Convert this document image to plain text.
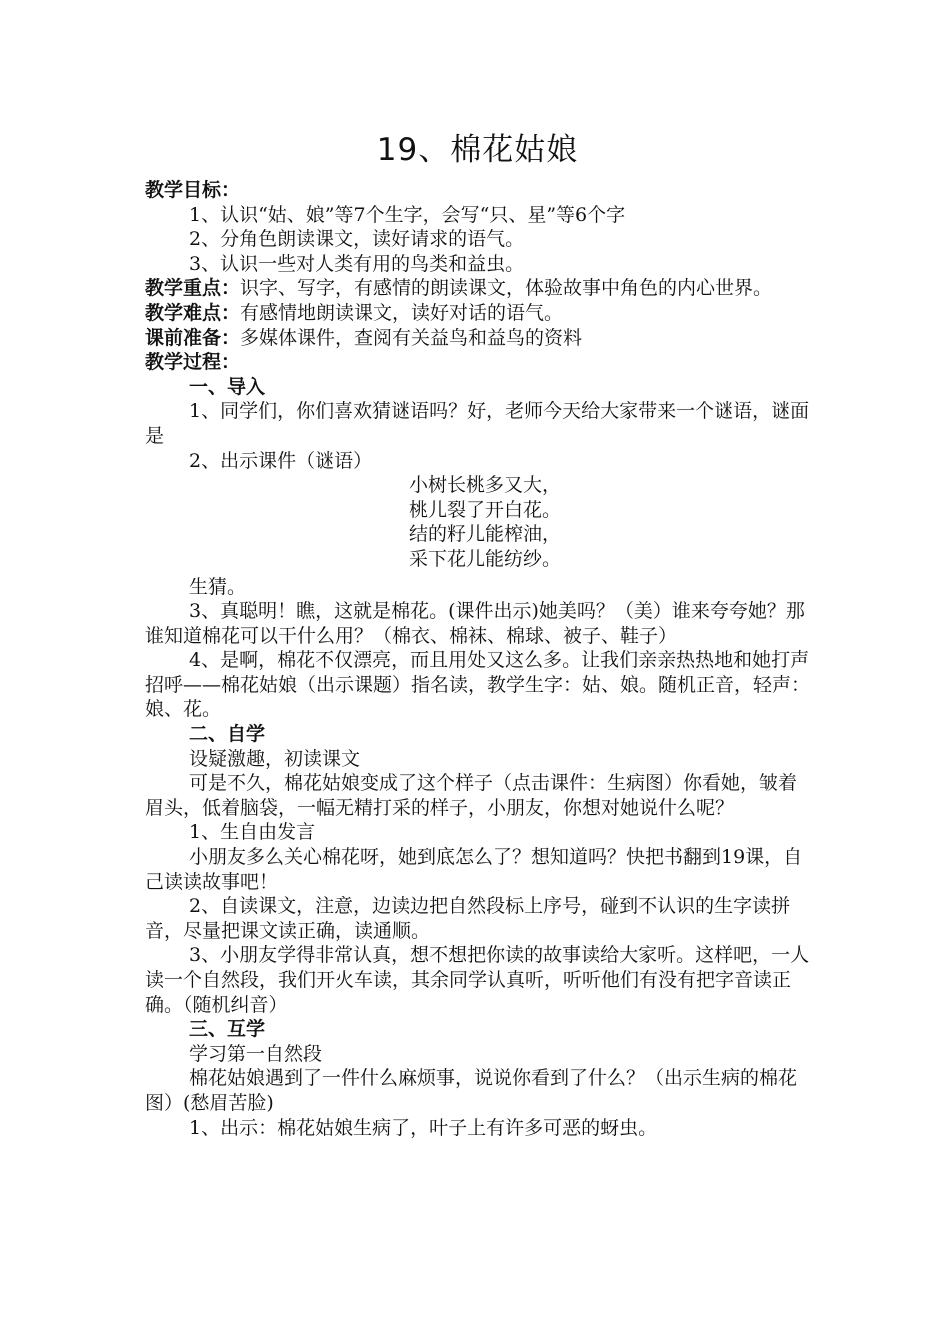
19、棉花姑娘

教学目标：

1、认识“姑、娘”等7个生字，会写“只、星”等6个字

2、分角色朗读课文，读好请求的语气。

3、认识一些对人类有用的鸟类和益虫。

教学重点：识字、写字，有感情的朗读课文，体验故事中角色的内心世界。

教学难点：有感情地朗读课文，读好对话的语气。

课前准备：多媒体课件，查阅有关益鸟和益鸟的资料

教学过程：

一、导入

1、同学们，你们喜欢猜谜语吗？好，老师今天给大家带来一个谜语，谜面是

2、出示课件（谜语）

小树长桃多又大，

桃儿裂了开白花。

结的籽儿能榨油，

采下花儿能纺纱。

生猜。

3、真聪明！瞧，这就是棉花。(课件出示)她美吗？（美）谁来夸夸她？那谁知道棉花可以干什么用？（棉衣、棉袜、棉球、被子、鞋子）

4、是啊，棉花不仅漂亮，而且用处又这么多。让我们亲亲热热地和她打声招呼——棉花姑娘（出示课题）指名读，教学生字：姑、娘。随机正音，轻声：娘、花。

二、自学

设疑激趣，初读课文

可是不久，棉花姑娘变成了这个样子（点击课件：生病图）你看她，皱着眉头，低着脑袋，一幅无精打采的样子，小朋友，你想对她说什么呢？

1、生自由发言

小朋友多么关心棉花呀，她到底怎么了？想知道吗？快把书翻到19课，自己读读故事吧！

2、自读课文，注意，边读边把自然段标上序号，碰到不认识的生字读拼音，尽量把课文读正确，读通顺。

3、小朋友学得非常认真，想不想把你读的故事读给大家听。这样吧，一人读一个自然段，我们开火车读，其余同学认真听，听听他们有没有把字音读正确。（随机纠音）

三、互学

学习第一自然段

棉花姑娘遇到了一件什么麻烦事，说说你看到了什么？（出示生病的棉花图）(愁眉苦脸)

1、出示：棉花姑娘生病了，叶子上有许多可恶的蚜虫。
